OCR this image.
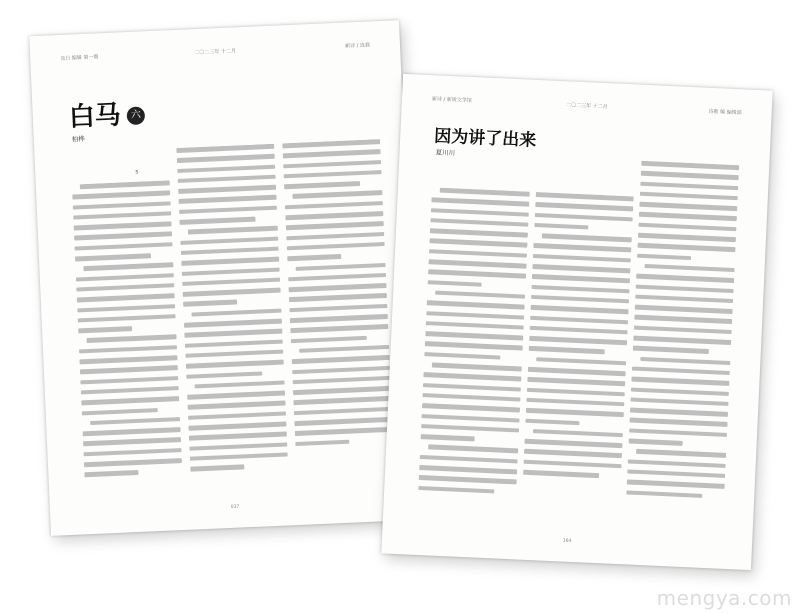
竞日 编辑 第一期
二〇二三年 十二月
新诗 / 连载
白马 六
柏桦
5
037
新诗 / 新锐文学馆
二〇二三年 十二月
诗歌 编 编辑部
因为讲了出来
夏川川
164
mengya.com
